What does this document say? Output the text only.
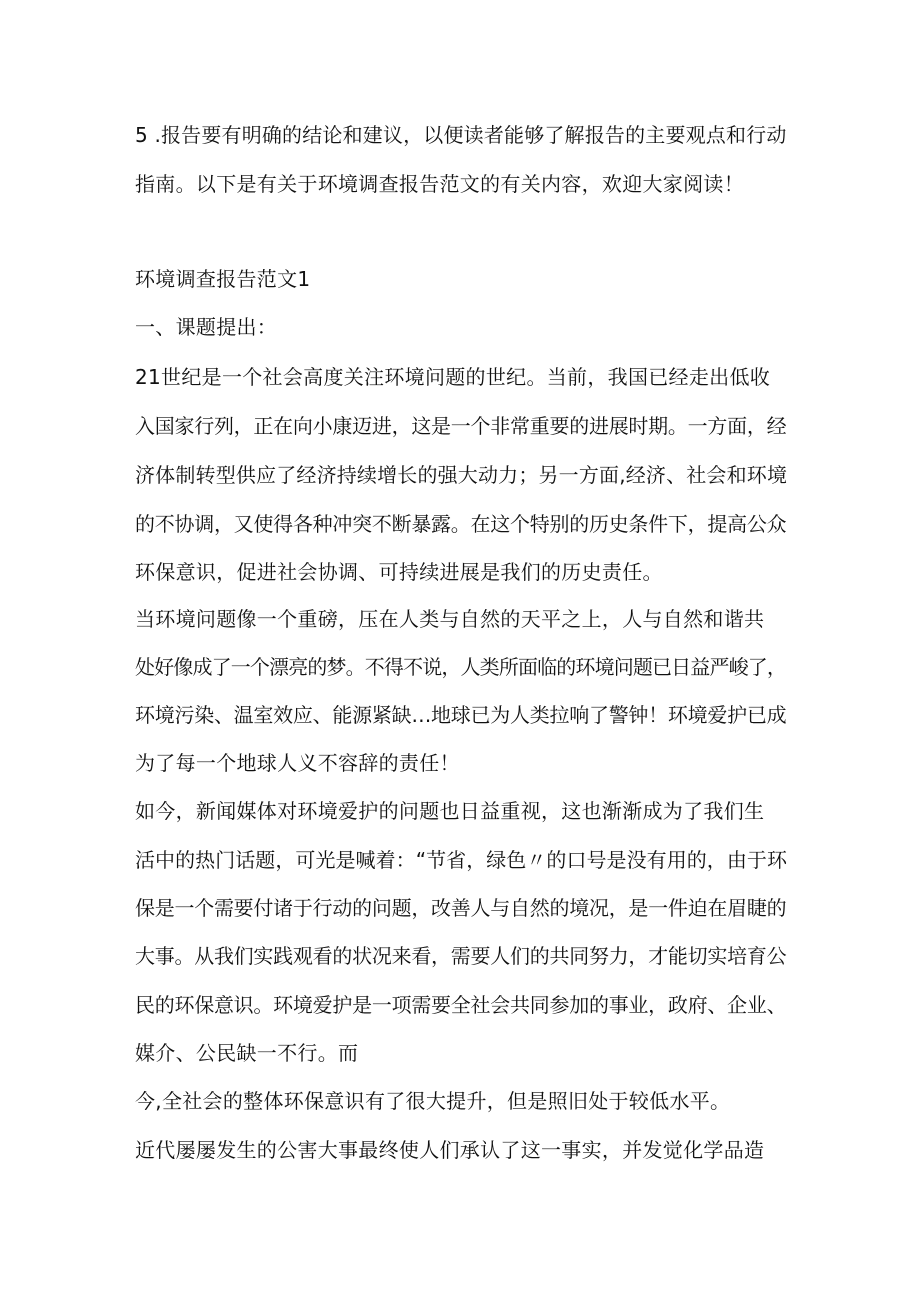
5 .报告要有明确的结论和建议，以便读者能够了解报告的主要观点和行动
指南。以下是有关于环境调查报告范文的有关内容，欢迎大家阅读！
环境调查报告范文1
一、课题提出：
21世纪是一个社会高度关注环境问题的世纪。当前，我国已经走出低收
入国家行列，正在向小康迈进，这是一个非常重要的进展时期。一方面，经
济体制转型供应了经济持续增长的强大动力；另一方面,经济、社会和环境
的不协调，又使得各种冲突不断暴露。在这个特别的历史条件下，提高公众
环保意识，促进社会协调、可持续进展是我们的历史责任。
当环境问题像一个重磅，压在人类与自然的天平之上，人与自然和谐共
处好像成了一个漂亮的梦。不得不说，人类所面临的环境问题已日益严峻了，
环境污染、温室效应、能源紧缺…地球已为人类拉响了警钟！环境爱护已成
为了每一个地球人义不容辞的责任！
如今，新闻媒体对环境爱护的问题也日益重视，这也渐渐成为了我们生
活中的热门话题，可光是喊着：“节省，绿色〃的口号是没有用的，由于环
保是一个需要付诸于行动的问题，改善人与自然的境况，是一件迫在眉睫的
大事。从我们实践观看的状况来看，需要人们的共同努力，才能切实培育公
民的环保意识。环境爱护是一项需要全社会共同参加的事业，政府、企业、
媒介、公民缺一不行。而
今,全社会的整体环保意识有了很大提升，但是照旧处于较低水平。
近代屡屡发生的公害大事最终使人们承认了这一事实，并发觉化学品造
